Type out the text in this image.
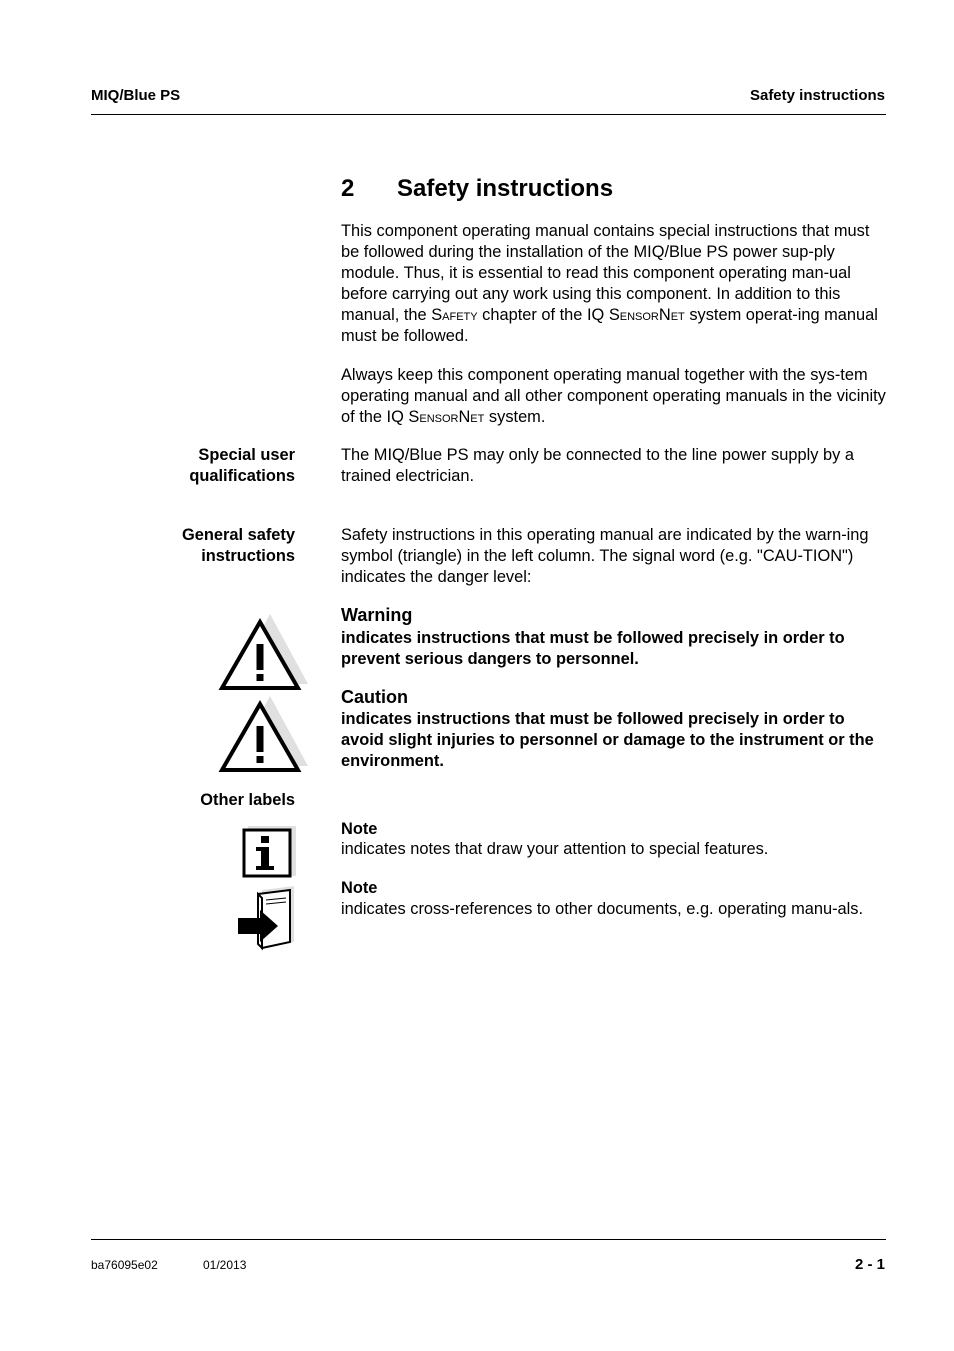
MIQ/Blue PS	Safety instructions
2 Safety instructions
This component operating manual contains special instructions that must be followed during the installation of the MIQ/Blue PS power sup-ply module. Thus, it is essential to read this component operating man-ual before carrying out any work using this component. In addition to this manual, the Safety chapter of the IQ SensorNet system operat-ing manual must be followed.
Always keep this component operating manual together with the sys-tem operating manual and all other component operating manuals in the vicinity of the IQ SensorNet system.
Special user
qualifications
The MIQ/Blue PS may only be connected to the line power supply by a trained electrician.
General safety
instructions
Safety instructions in this operating manual are indicated by the warn-ing symbol (triangle) in the left column. The signal word (e.g. "CAU-TION") indicates the danger level:
Warning
indicates instructions that must be followed precisely in order to prevent serious dangers to personnel.
Caution
indicates instructions that must be followed precisely in order to avoid slight injuries to personnel or damage to the instrument or the environment.
Other labels
Note
indicates notes that draw your attention to special features.
Note
indicates cross-references to other documents, e.g. operating manu-als.
ba76095e02	01/2013	2 - 1
